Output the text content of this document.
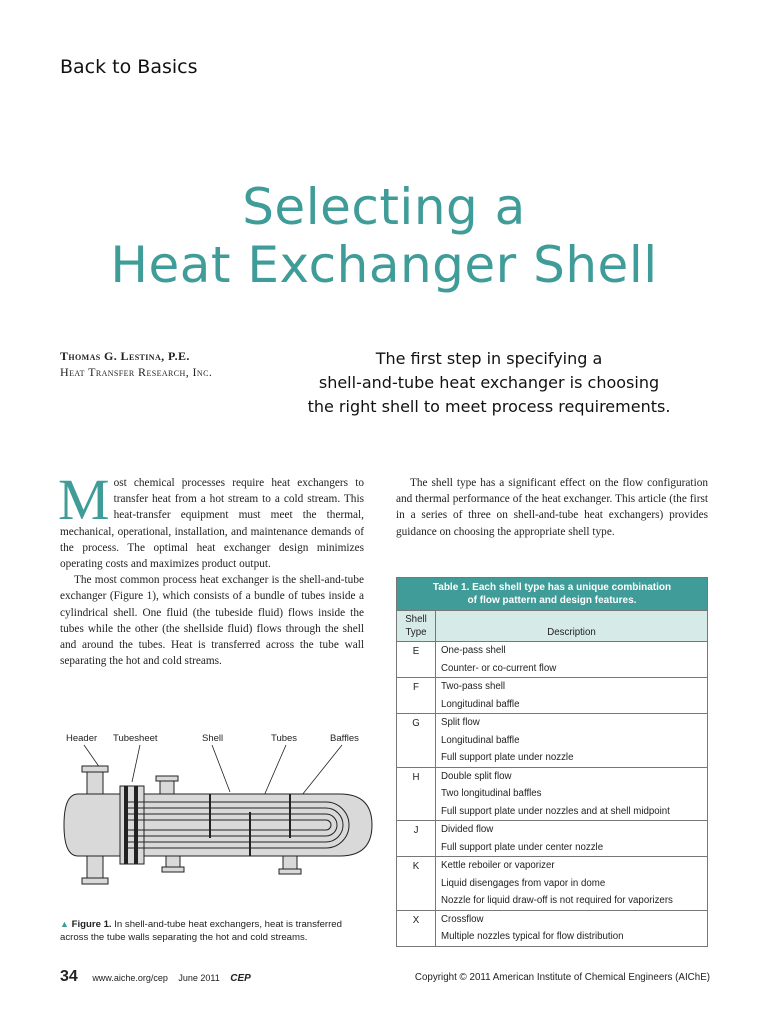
Back to Basics
Selecting a
Heat Exchanger Shell
Thomas G. Lestina, P.E.
Heat Transfer Research, Inc.
The first step in specifying a
shell-and-tube heat exchanger is choosing
the right shell to meet process requirements.

Most chemical processes require heat exchangers to transfer heat from a hot stream to a cold stream. This heat-transfer equipment must meet the thermal, mechanical, operational, installation, and maintenance demands of the process. The optimal heat exchanger design minimizes operating costs and maximizes product output.

The most common process heat exchanger is the shell-and-tube exchanger (Figure 1), which consists of a bundle of tubes inside a cylindrical shell. One fluid (the tubeside fluid) flows inside the tubes while the other (the shellside fluid) flows through the shell and around the tubes. Heat is transferred across the tube wall separating the hot and cold streams.

The shell type has a significant effect on the flow configuration and thermal performance of the heat exchanger. This article (the first in a series of three on shell-and-tube heat exchangers) provides guidance on choosing the appropriate shell type.

Header Tubesheet	Shell	Tubes	Baffles
▲ Figure 1. In shell-and-tube heat exchangers, heat is transferred across the tube walls separating the hot and cold streams.
Table 1. Each shell type has a unique combination
of flow pattern and design features.	

Shell
Type	Description
E	One-pass shell
Counter- or co-current flow

F	Two-pass shell
Longitudinal baffle

G	Split flow
Longitudinal baffle
Full support plate under nozzle

H	Double split flow
Two longitudinal baffles
Full support plate under nozzles and at shell midpoint

J	Divided flow
Full support plate under center nozzle

K	Kettle reboiler or vaporizer
Liquid disengages from vapor in dome
Nozzle for liquid draw-off is not required for vaporizers

X	Crossflow
Multiple nozzles typical for flow distribution
34 www.aiche.org/cep June 2011 CEP	Copyright © 2011 American Institute of Chemical Engineers (AIChE)
